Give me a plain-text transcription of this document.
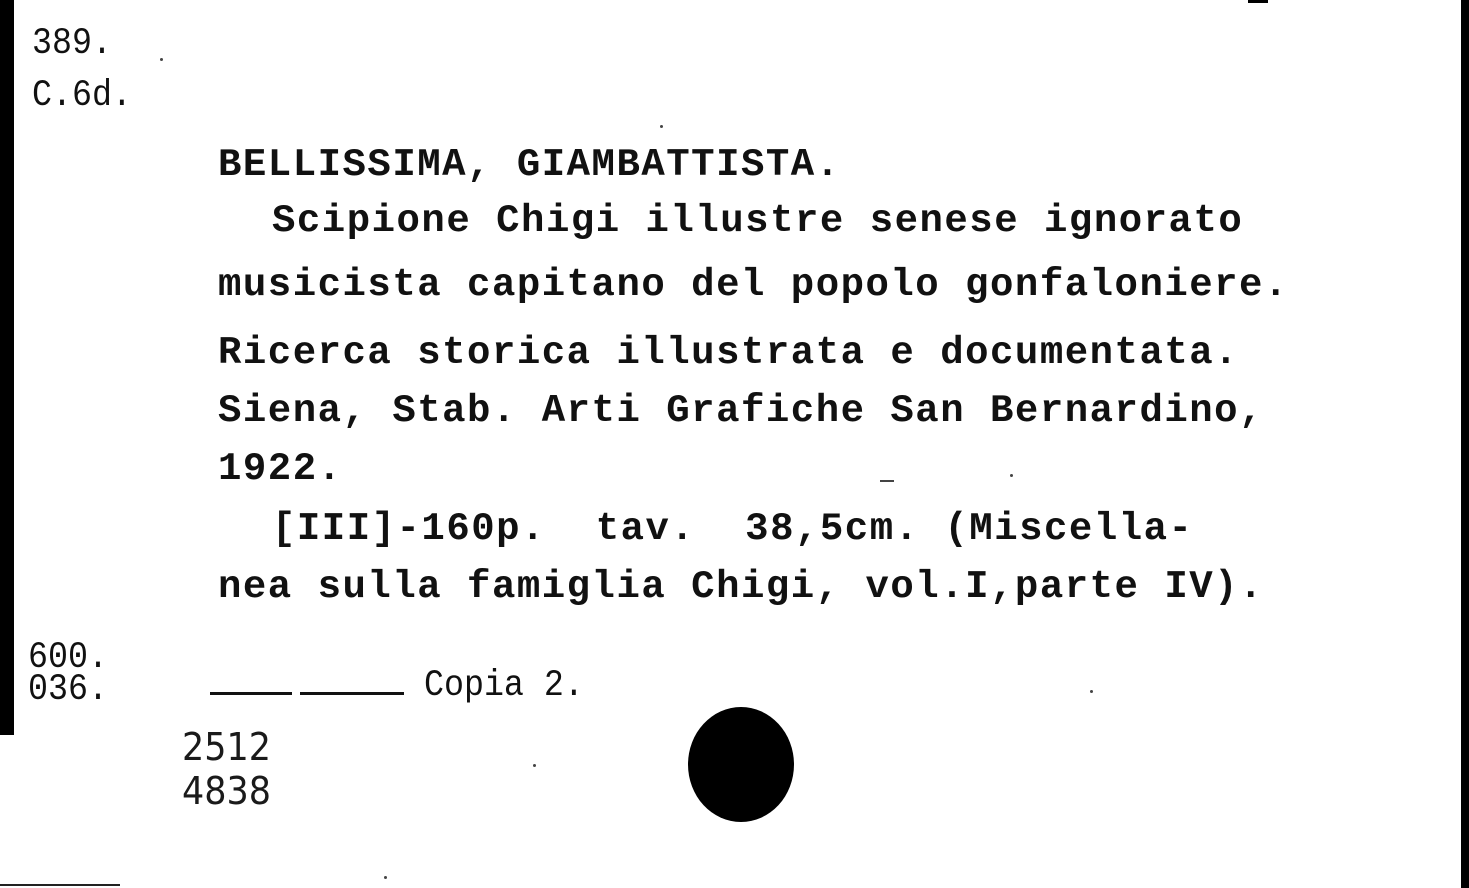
389.

C.6d.

BELLISSIMA, GIAMBATTISTA.

Scipione Chigi illustre senese ignorato

musicista capitano del popolo gonfaloniere.

Ricerca storica illustrata e documentata.

Siena, Stab. Arti Grafiche San Bernardino,

1922.

[III]-160p.  tav.  38,5cm. (Miscella-

nea sulla famiglia Chigi, vol.I,parte IV).

600.

036.	Copia 2.

2512

4838
